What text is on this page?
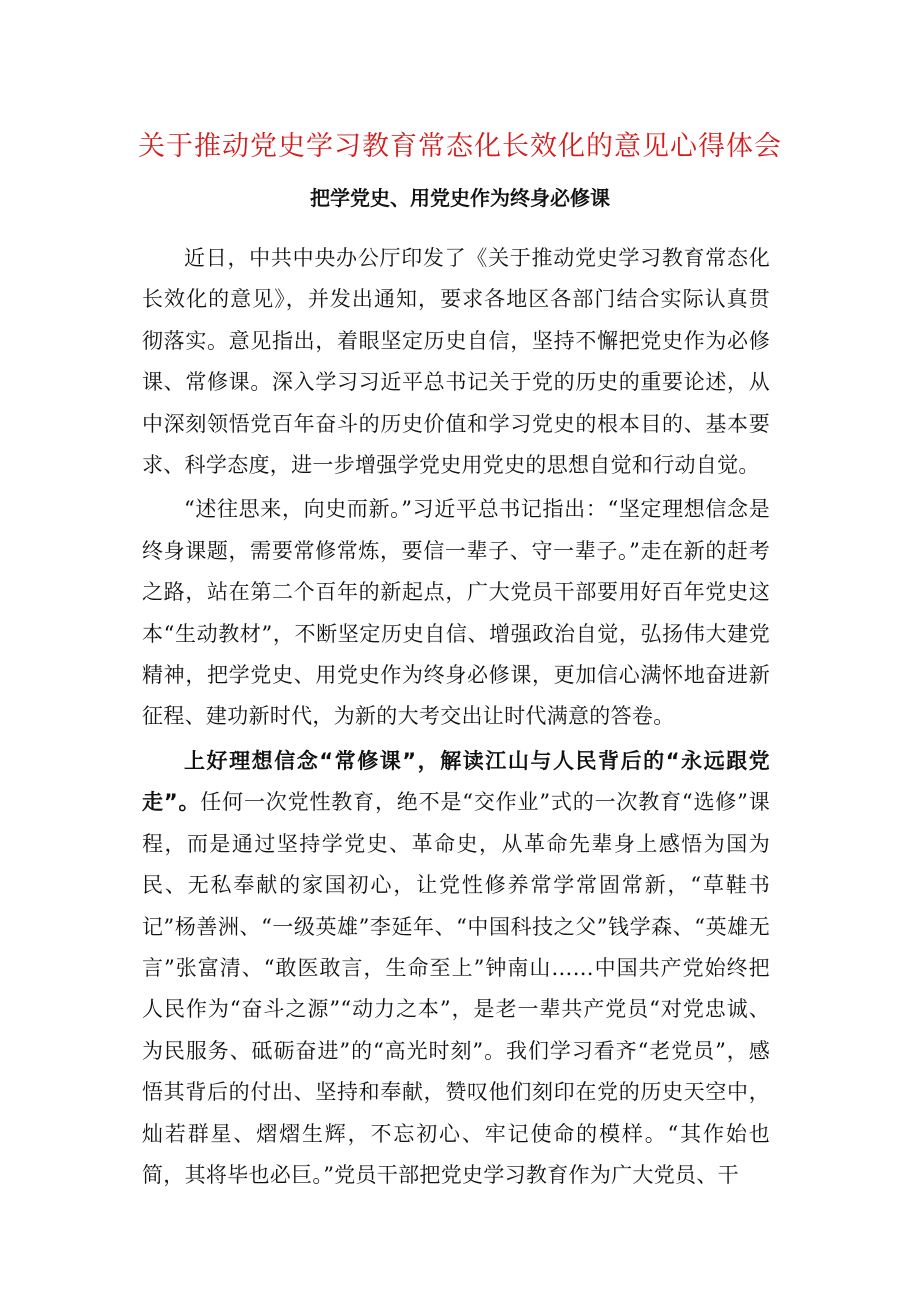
关于推动党史学习教育常态化长效化的意见心得体会
把学党史、用党史作为终身必修课

近日，中共中央办公厅印发了《关于推动党史学习教育常态化长效化的意见》，并发出通知，要求各地区各部门结合实际认真贯彻落实。意见指出，着眼坚定历史自信，坚持不懈把党史作为必修课、常修课。深入学习习近平总书记关于党的历史的重要论述，从中深刻领悟党百年奋斗的历史价值和学习党史的根本目的、基本要求、科学态度，进一步增强学党史用党史的思想自觉和行动自觉。

“述往思来，向史而新。”习近平总书记指出：“坚定理想信念是终身课题，需要常修常炼，要信一辈子、守一辈子。”走在新的赶考之路，站在第二个百年的新起点，广大党员干部要用好百年党史这本“生动教材”，不断坚定历史自信、增强政治自觉，弘扬伟大建党精神，把学党史、用党史作为终身必修课，更加信心满怀地奋进新征程、建功新时代，为新的大考交出让时代满意的答卷。

上好理想信念“常修课”，解读江山与人民背后的“永远跟党走”。任何一次党性教育，绝不是“交作业”式的一次教育“选修”课程，而是通过坚持学党史、革命史，从革命先辈身上感悟为国为民、无私奉献的家国初心，让党性修养常学常固常新，“草鞋书记”杨善洲、“一级英雄”李延年、“中国科技之父”钱学森、“英雄无言”张富清、“敢医敢言，生命至上”钟南山……中国共产党始终把人民作为“奋斗之源”“动力之本”，是老一辈共产党员“对党忠诚、为民服务、砥砺奋进”的“高光时刻”。我们学习看齐“老党员”，感悟其背后的付出、坚持和奉献，赞叹他们刻印在党的历史天空中，灿若群星、熠熠生辉，不忘初心、牢记使命的模样。“其作始也简，其将毕也必巨。”党员干部把党史学习教育作为广大党员、干
